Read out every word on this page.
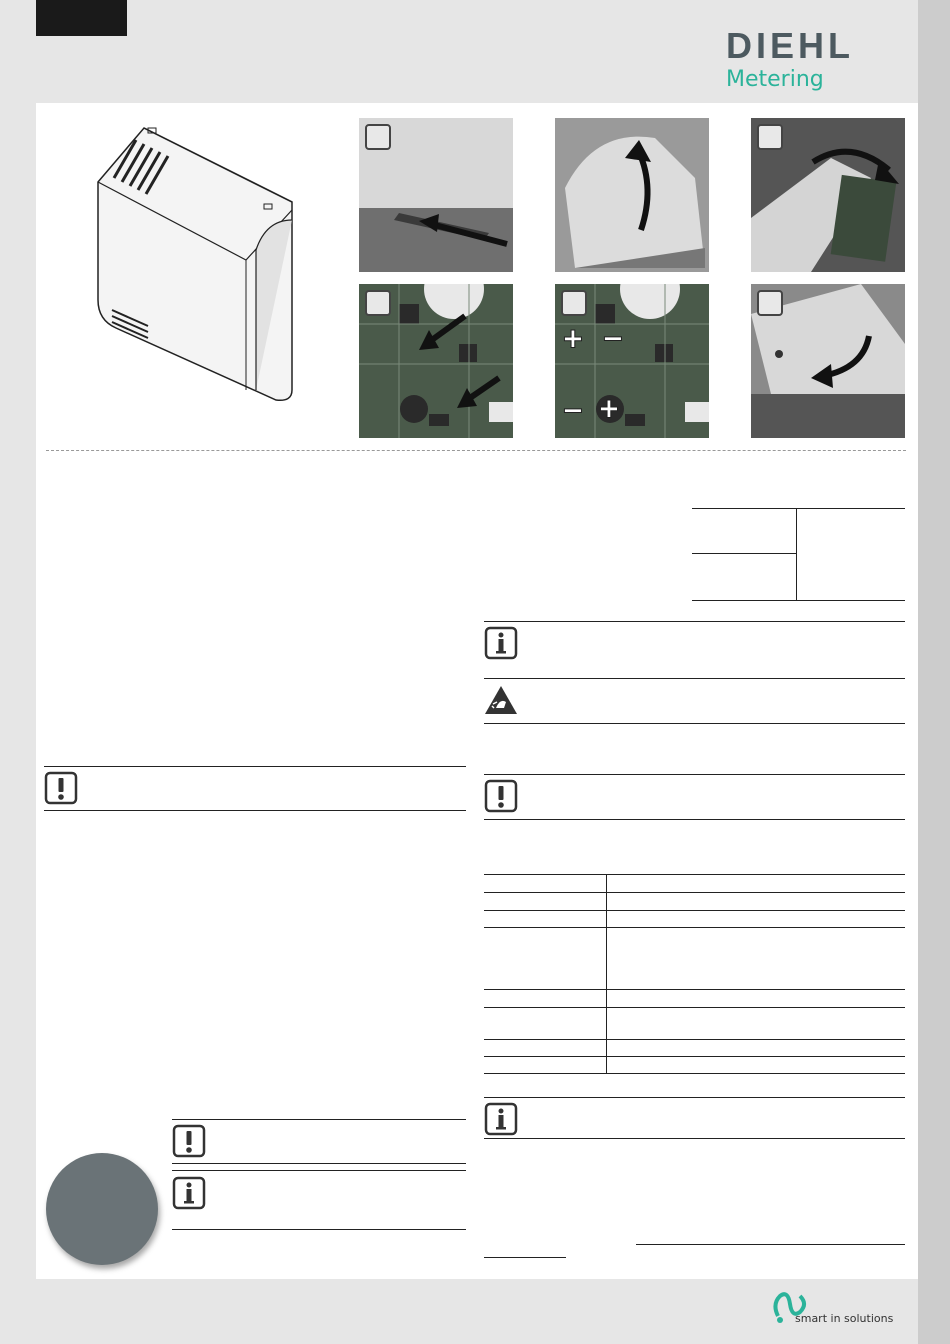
DIEHL
Metering
+ −
− +
smart in solutions
